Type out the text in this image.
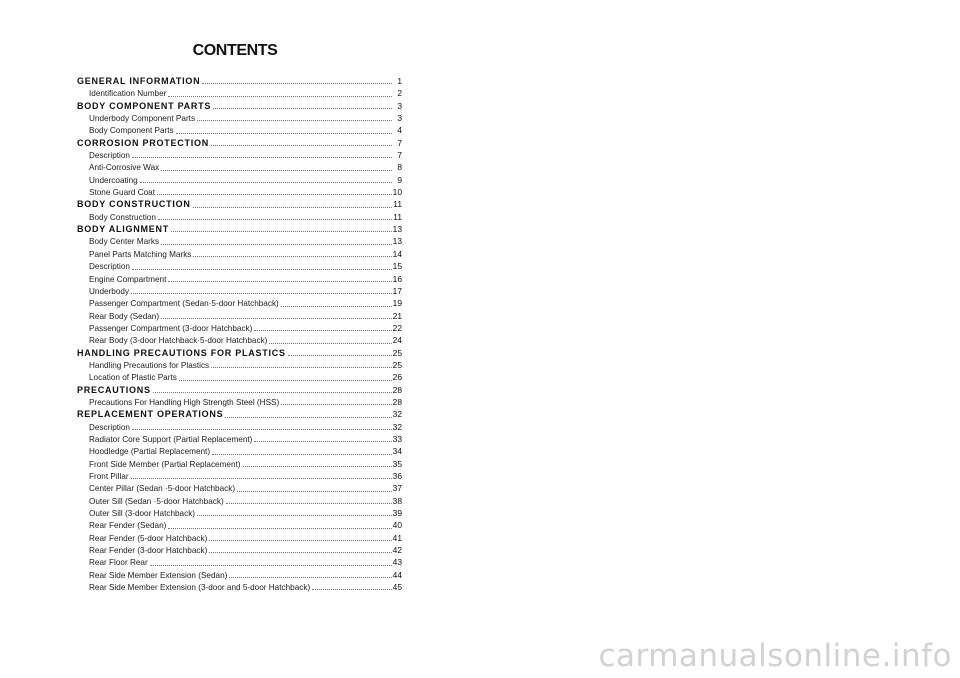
CONTENTS
GENERAL INFORMATION	1
Identification Number	2
BODY COMPONENT PARTS	3
Underbody Component Parts	3
Body Component Parts	4
CORROSION PROTECTION	7
Description	7
Anti-Corrosive Wax	8
Undercoating	9
Stone Guard Coat	10
BODY CONSTRUCTION	11
Body Construction	11
BODY ALIGNMENT	13
Body Center Marks	13
Panel Parts Matching Marks	14
Description	15
Engine Compartment	16
Underbody	17
Passenger Compartment (Sedan·5-door Hatchback)	19
Rear Body (Sedan)	21
Passenger Compartment (3-door Hatchback)	22
Rear Body (3-door Hatchback·5-door Hatchback)	24
HANDLING PRECAUTIONS FOR PLASTICS	25
Handling Precautions for Plastics	25
Location of Plastic Parts	26
PRECAUTIONS	28
Precautions For Handling High Strength Steel (HSS)	28
REPLACEMENT OPERATIONS	32
Description	32
Radiator Core Support (Partial Replacement)	33
Hoodledge (Partial Replacement)	34
Front Side Member (Partial Replacement)	35
Front Pillar	36
Center Pillar (Sedan ·5-door Hatchback)	37
Outer Sill (Sedan ·5-door Hatchback)	38
Outer Sill (3-door Hatchback)	39
Rear Fender (Sedan)	40
Rear Fender (5-door Hatchback)	41
Rear Fender (3-door Hatchback)	42
Rear Floor Rear	43
Rear Side Member Extension (Sedan)	44
Rear Side Member Extension (3-door and 5-door Hatchback)	45
carmanualsonline.info
